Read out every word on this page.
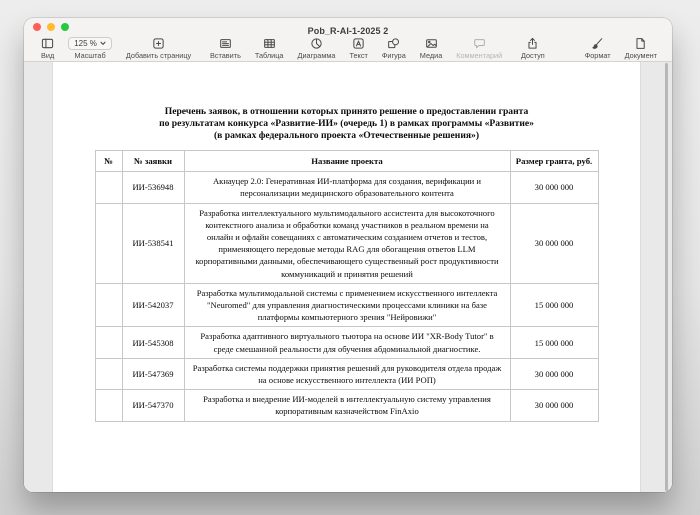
Pob_R-AI-1-2025 2
Вид
125 %
Масштаб	Добавить страницу	Вставить Таблица Диаграмма Текст Фигура Медиа Комментарий	Доступ	Формат Документ
Перечень заявок, в отношении которых принято решение о предоставлении гранта
по результатам конкурса «Развитие-ИИ» (очередь 1) в рамках программы «Развитие»
(в рамках федерального проекта «Отечественные решения»)
№	№ заявки	Название проекта	Размер гранта, руб.
	ИИ-536948	Акнауцер 2.0: Генеративная ИИ-платформа для создания, верификации и персонализации медицинского образовательного контента	30 000 000
	ИИ-538541	Разработка интеллектуального мультимодального ассистента для высокоточного контекстного анализа и обработки команд участников в реальном времени на онлайн и офлайн совещаниях с автоматическим созданием отчетов и тестов, применяющего передовые методы RAG для обогащения ответов LLM корпоративными данными, обеспечивающего существенный рост продуктивности коммуникаций и принятия решений	30 000 000
	ИИ-542037	Разработка мультимодальной системы с применением искусственного интеллекта "Neuromed" для управления диагностическими процессами клиники на базе платформы компьютерного зрения "Нейровижи"	15 000 000
	ИИ-545308	Разработка адаптивного виртуального тьютора на основе ИИ "XR-Body Tutor" в среде смешанной реальности для обучения абдоминальной диагностике.	15 000 000
	ИИ-547369	Разработка системы поддержки принятия решений для руководителя отдела продаж на основе искусственного интеллекта (ИИ РОП)	30 000 000
	ИИ-547370	Разработка и внедрение ИИ-моделей в интеллектуальную систему управления корпоративным казначейством FinAxio	30 000 000
